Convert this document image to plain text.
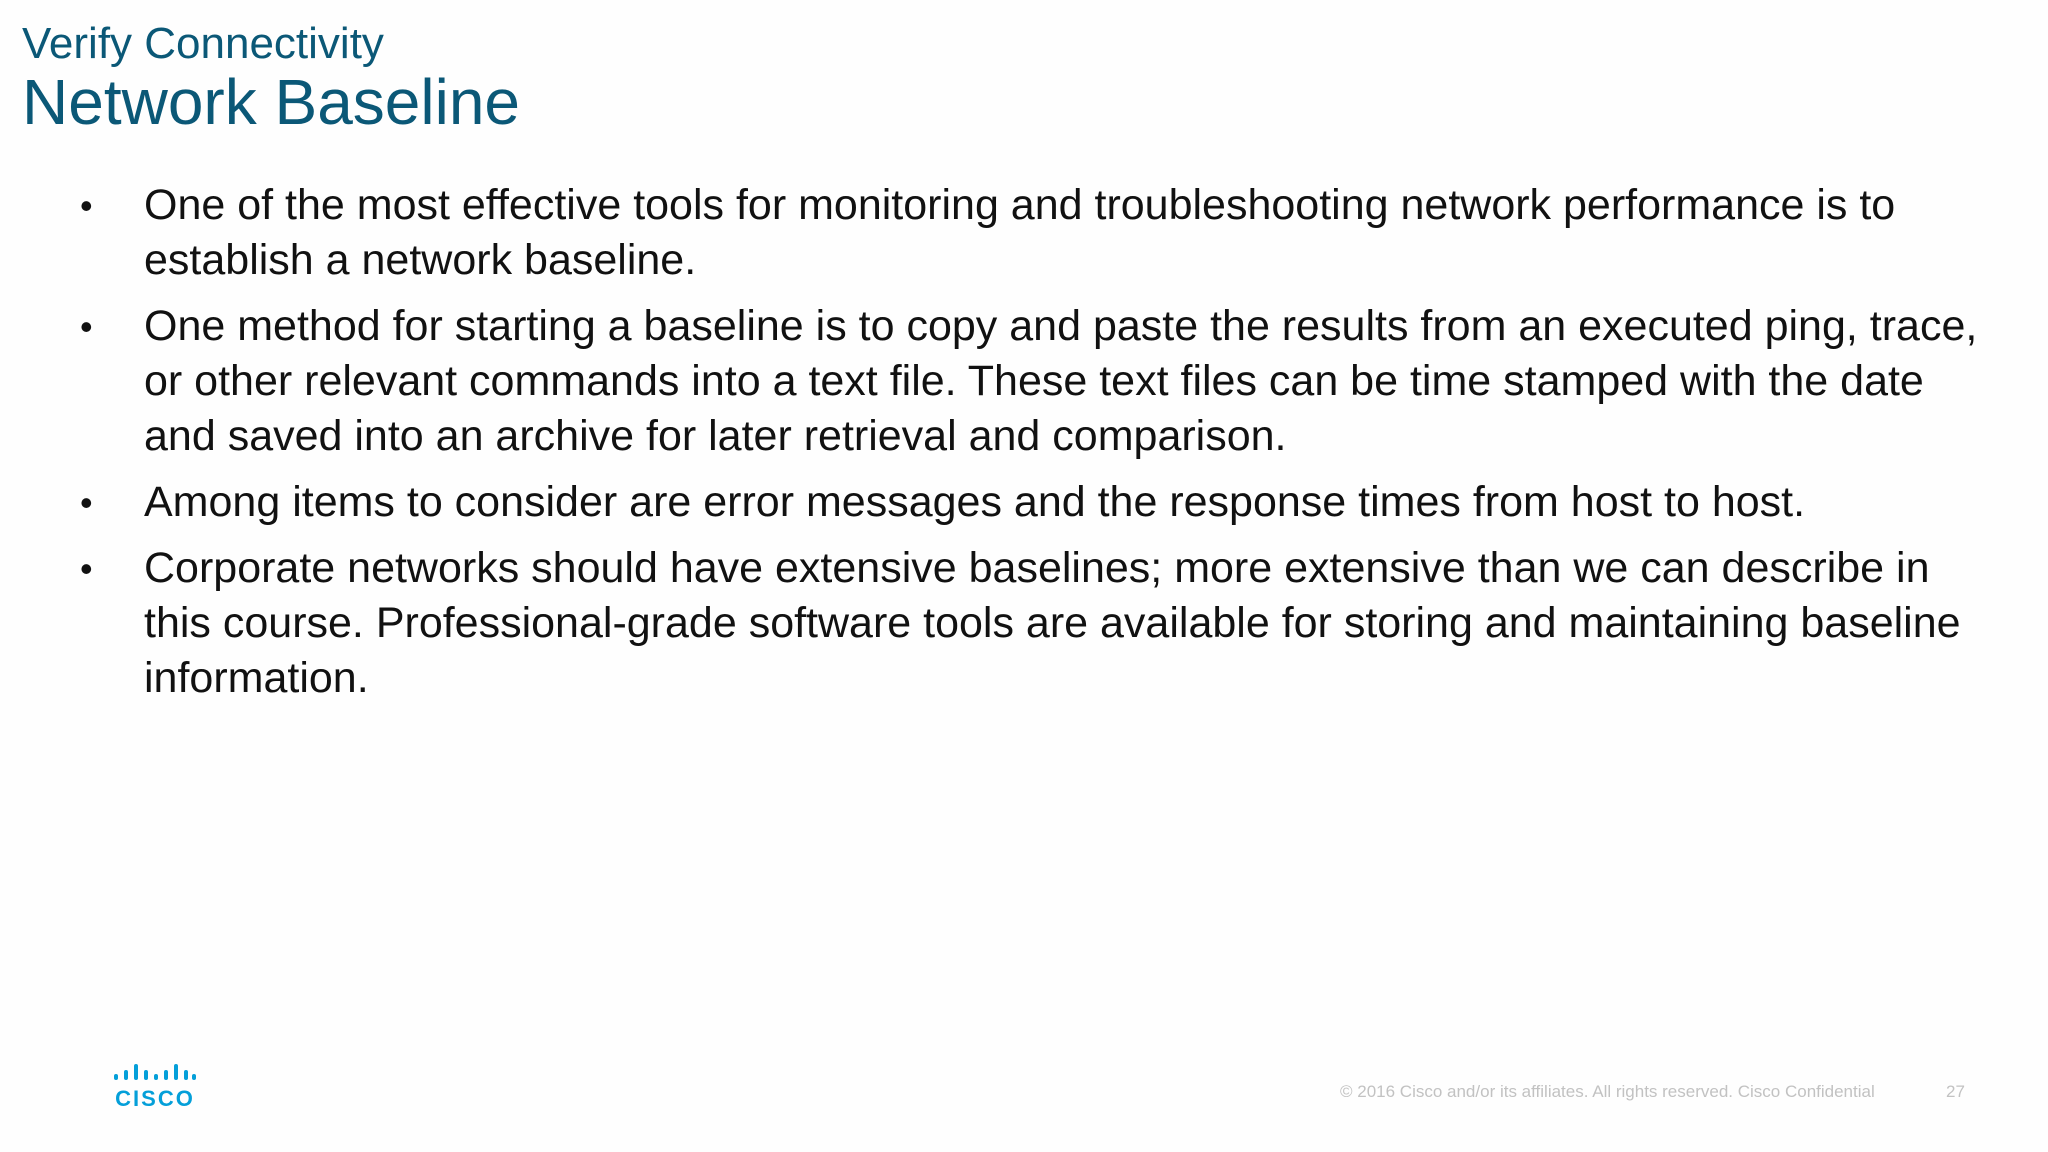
Verify Connectivity
Network Baseline
• One of the most effective tools for monitoring and troubleshooting network performance is to establish a network baseline.
• One method for starting a baseline is to copy and paste the results from an executed ping, trace, or other relevant commands into a text file. These text files can be time stamped with the date and saved into an archive for later retrieval and comparison.
• Among items to consider are error messages and the response times from host to host.
• Corporate networks should have extensive baselines; more extensive than we can describe in this course. Professional-grade software tools are available for storing and maintaining baseline information.
CISCO	© 2016 Cisco and/or its affiliates. All rights reserved. Cisco Confidential	27
